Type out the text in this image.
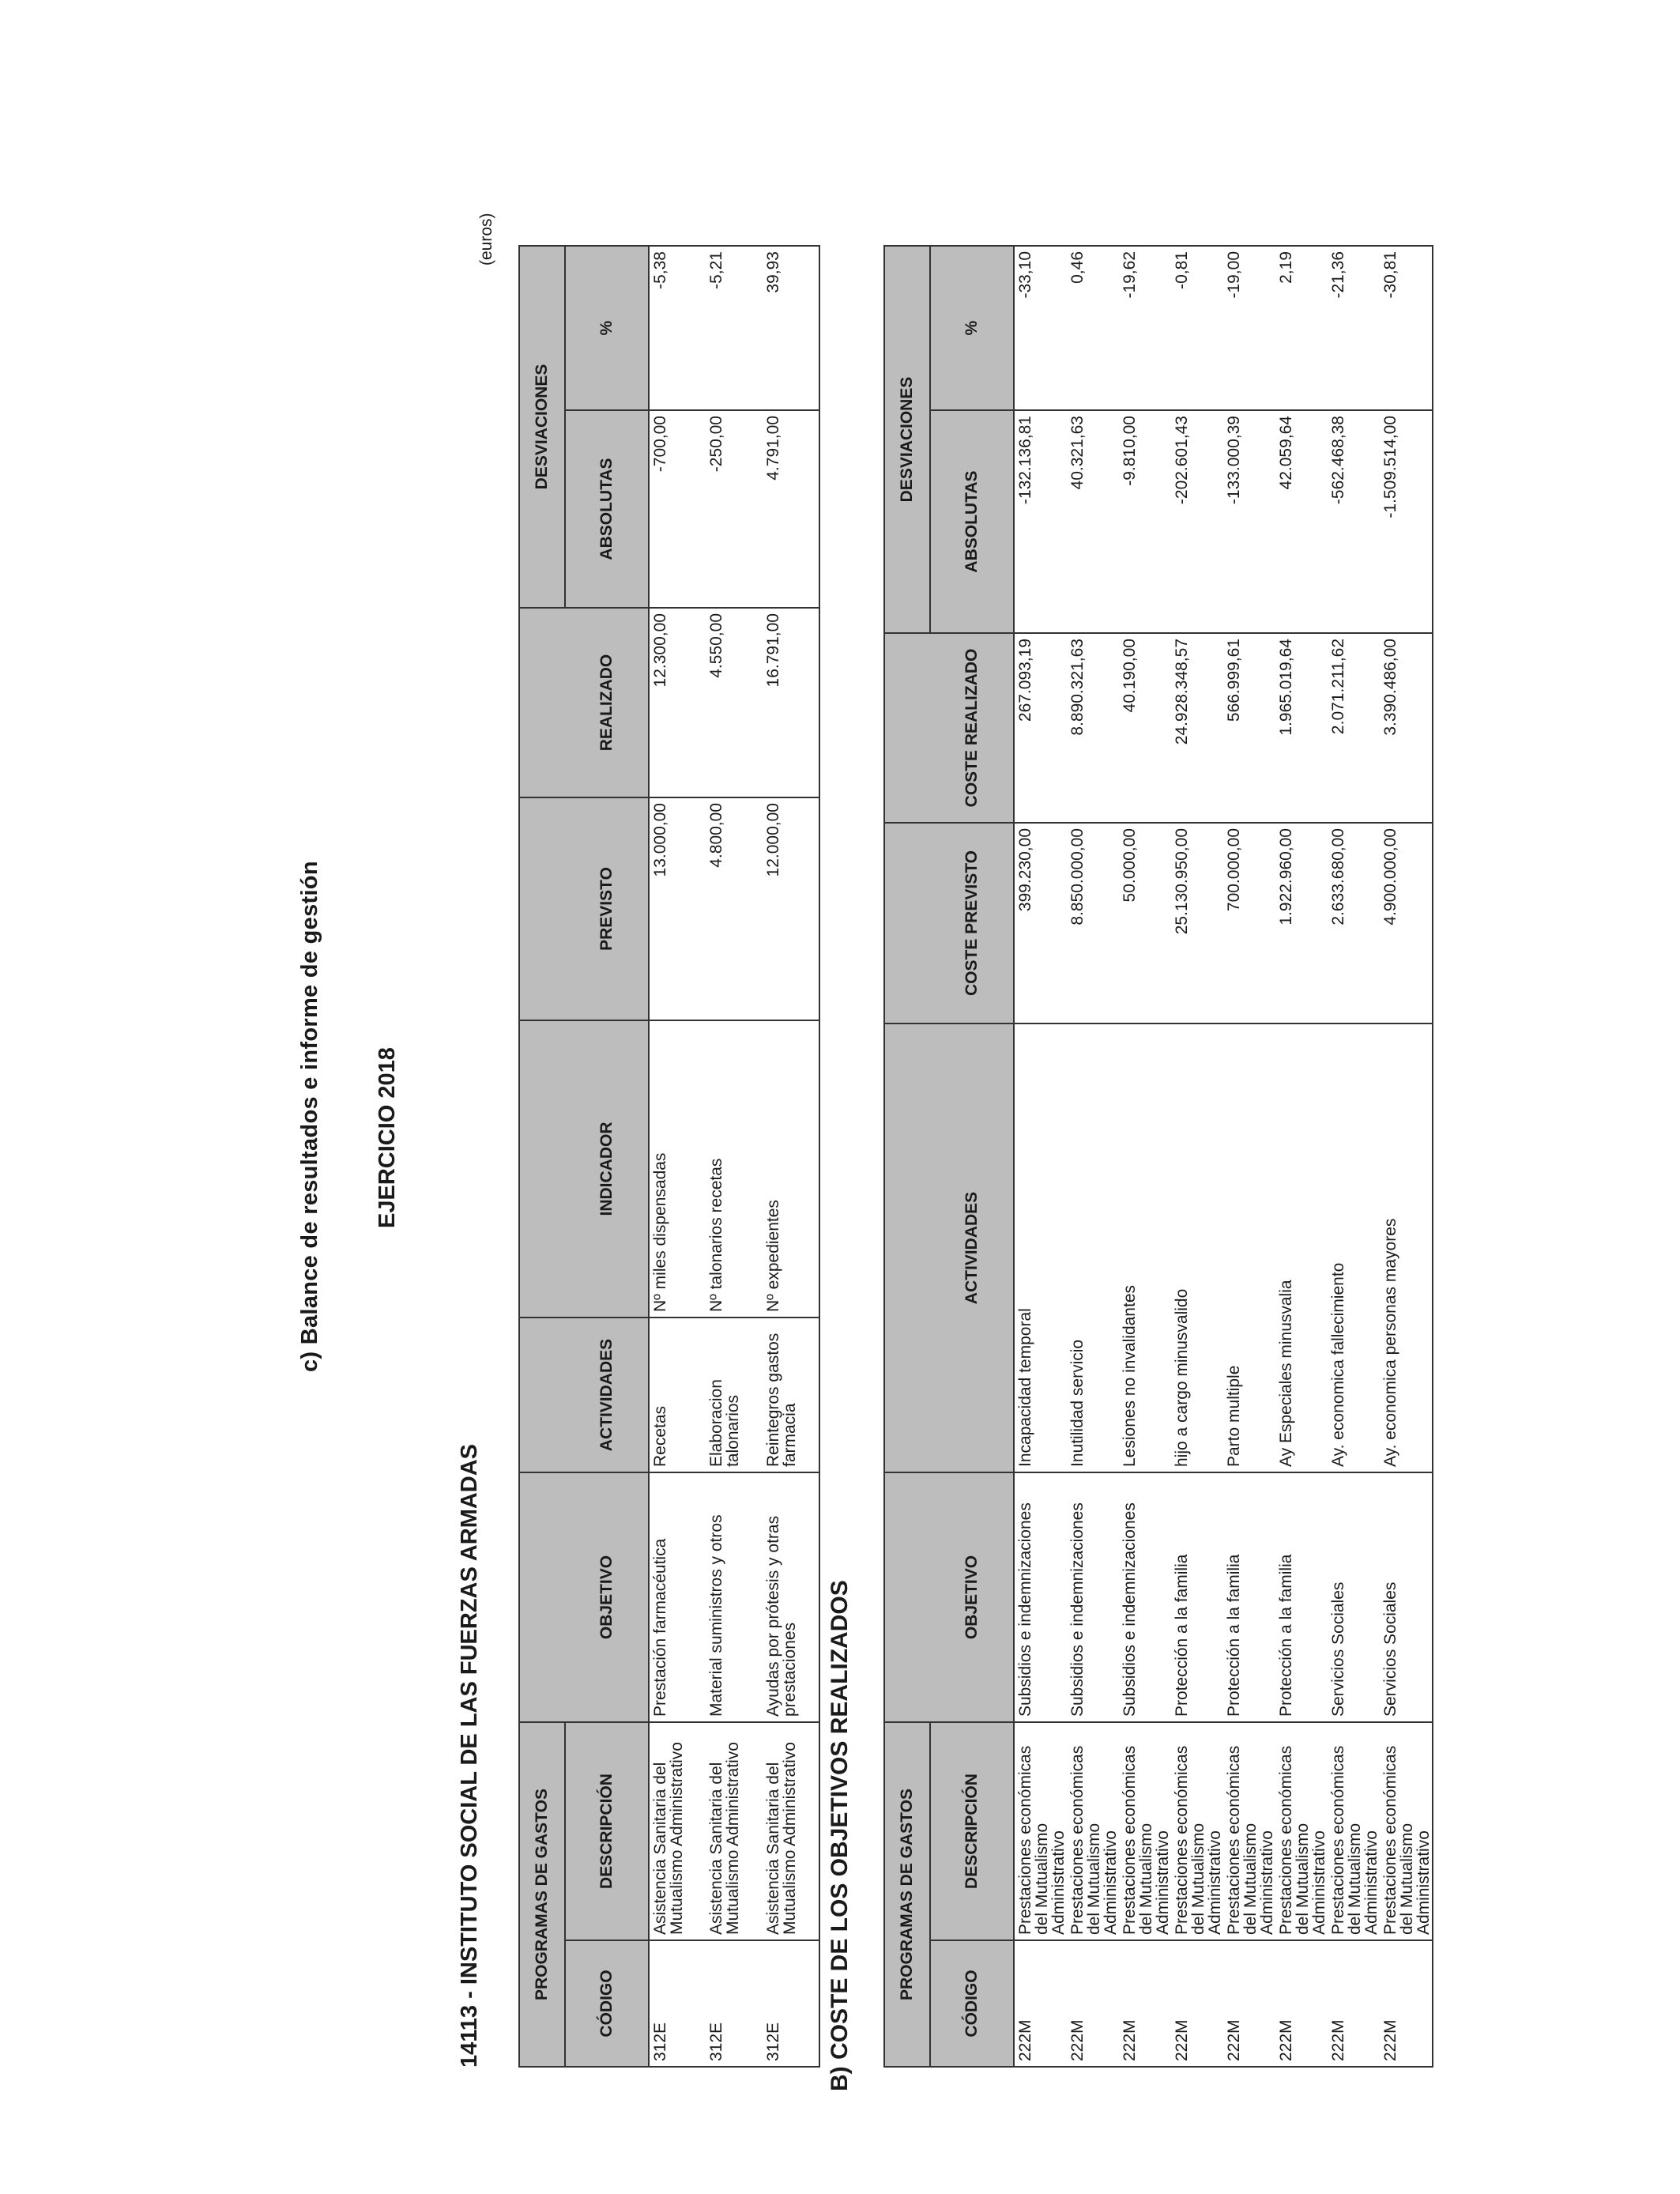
c) Balance de resultados e informe de gestión EJERCICIO 2018
14113 - INSTITUTO SOCIAL DE LAS FUERZAS ARMADAS
(euros)
PROGRAMAS DE GASTOS							DESVIACIONES	
CÓDIGO	DESCRIPCIÓN	OBJETIVO	ACTIVIDADES	INDICADOR	PREVISTO	REALIZADO	ABSOLUTAS	%
312E	Asistencia Sanitaria del Mutualismo Administrativo	Prestación farmacéutica	Recetas	Nº miles dispensadas	13.000,00	12.300,00	-700,00	-5,38
312E	Asistencia Sanitaria del Mutualismo Administrativo	Material suministros y otros	Elaboracion talonarios	Nº talonarios recetas	4.800,00	4.550,00	-250,00	-5,21
312E	Asistencia Sanitaria del Mutualismo Administrativo	Ayudas por prótesis y otras prestaciones	Reintegros gastos farmacia	Nº expedientes	12.000,00	16.791,00	4.791,00	39,93
B) COSTE DE LOS OBJETIVOS REALIZADOS	PROGRAMAS DE GASTOS						DESVIACIONES	
CÓDIGO	DESCRIPCIÓN	OBJETIVO	ACTIVIDADES	COSTE PREVISTO	COSTE REALIZADO	ABSOLUTAS	%
222M	Prestaciones económicas del Mutualismo Administrativo	Subsidios e indemnizaciones	Incapacidad temporal	399.230,00	267.093,19	-132.136,81	-33,10
222M	Prestaciones económicas del Mutualismo Administrativo	Subsidios e indemnizaciones	Inutilidad servicio	8.850.000,00	8.890.321,63	40.321,63	0,46
222M	Prestaciones económicas del Mutualismo Administrativo	Subsidios e indemnizaciones	Lesiones no invalidantes	50.000,00	40.190,00	-9.810,00	-19,62
222M	Prestaciones económicas del Mutualismo Administrativo	Protección a la familia	hijo a cargo minusvalido	25.130.950,00	24.928.348,57	-202.601,43	-0,81
222M	Prestaciones económicas del Mutualismo Administrativo	Protección a la familia	Parto multiple	700.000,00	566.999,61	-133.000,39	-19,00
222M	Prestaciones económicas del Mutualismo Administrativo	Protección a la familia	Ay Especiales minusvalia	1.922.960,00	1.965.019,64	42.059,64	2,19
222M	Prestaciones económicas del Mutualismo Administrativo	Servicios Sociales	Ay. economica fallecimiento	2.633.680,00	2.071.211,62	-562.468,38	-21,36
222M	Prestaciones económicas del Mutualismo Administrativo	Servicios Sociales	Ay. economica personas mayores	4.900.000,00	3.390.486,00	-1.509.514,00	-30,81
